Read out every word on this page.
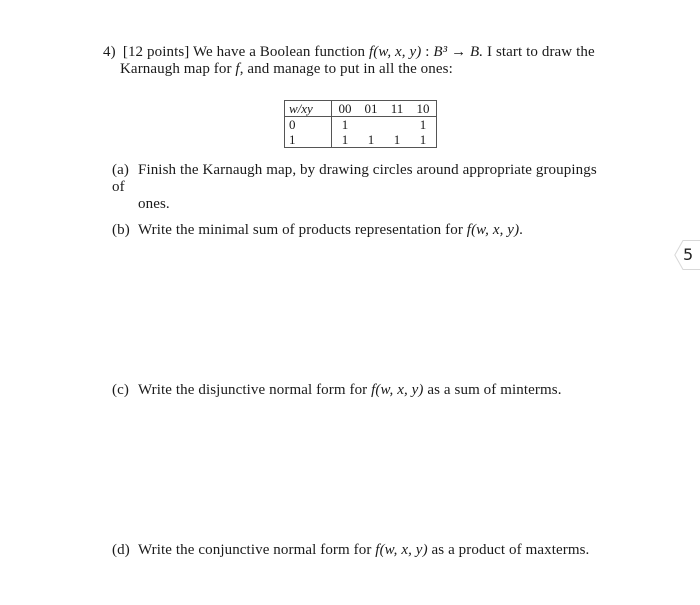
4) [12 points] We have a Boolean function f(w, x, y) : B³ → B. I start to draw the
Karnaugh map for f, and manage to put in all the ones:
w/xy	00	01	11	10
0	1			1
1	1	1	1	1
(a) Finish the Karnaugh map, by drawing circles around appropriate groupings of
ones.
(b) Write the minimal sum of products representation for f(w, x, y).
(c) Write the disjunctive normal form for f(w, x, y) as a sum of minterms.
(d) Write the conjunctive normal form for f(w, x, y) as a product of maxterms.
5
